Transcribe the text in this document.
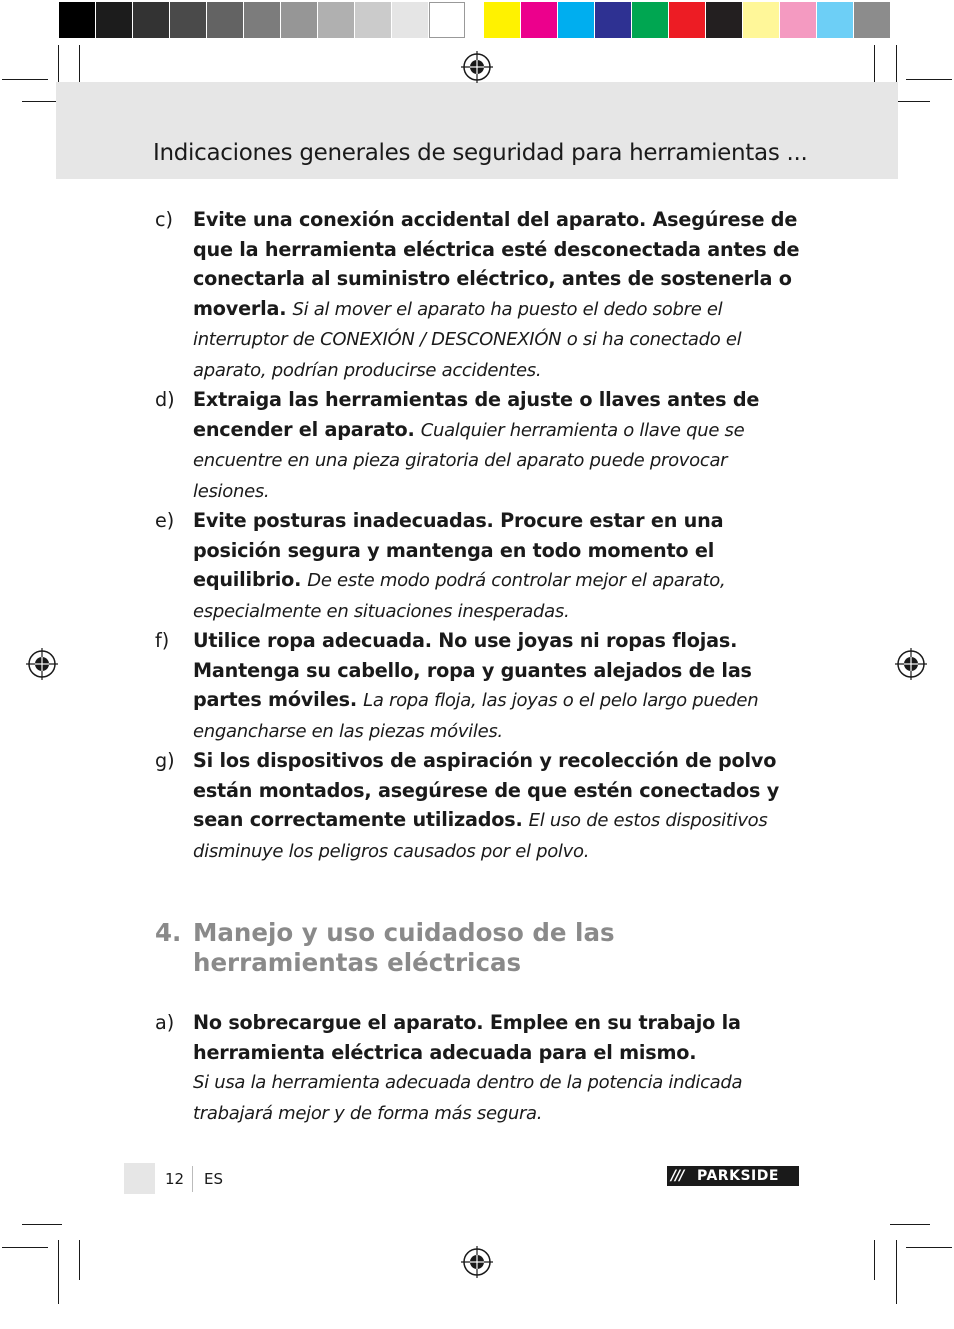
Indicaciones generales de seguridad para herramientas ...
c)	Evite una conexión accidental del aparato. Asegúrese de que la herramienta eléctrica esté desconectada antes de conectarla al suministro eléctrico, antes de sostenerla o moverla. Si al mover el aparato ha puesto el dedo sobre el interruptor de CONEXIÓN / DESCONEXIÓN o si ha conectado el aparato, podrían producirse accidentes.
d) Extraiga las herramientas de ajuste o llaves antes de encender el aparato. Cualquier herramienta o llave que se encuentre en una pieza giratoria del aparato puede provocar lesiones.
e) Evite posturas inadecuadas. Procure estar en una posición segura y mantenga en todo momento el equilibrio. De este modo podrá controlar mejor el aparato, especialmente en situaciones inesperadas.
f)	Utilice ropa adecuada. No use joyas ni ropas flojas. Mantenga su cabello, ropa y guantes alejados de las partes móviles. La ropa floja, las joyas o el pelo largo pueden engancharse en las piezas móviles.
g) Si los dispositivos de aspiración y recolección de polvo están montados, asegúrese de que estén conectados y sean correctamente utilizados. El uso de estos dispositivos disminuye los peligros causados por el polvo.
4. Manejo y uso cuidadoso de las
herramientas eléctricas
a) No sobrecargue el aparato. Emplee en su trabajo la herramienta eléctrica adecuada para el mismo.
Si usa la herramienta adecuada dentro de la potencia indicada trabajará mejor y de forma más segura.
12 ES	/// PARKSIDE
